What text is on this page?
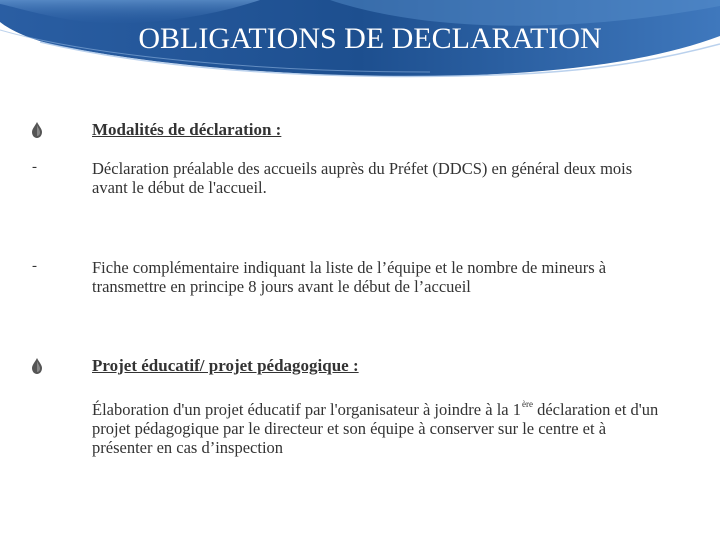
OBLIGATIONS DE DECLARATION
Modalités de déclaration :
-	Déclaration préalable des accueils auprès du Préfet (DDCS) en général deux mois avant le début de l'accueil.
-	Fiche complémentaire indiquant la liste de l’équipe et le nombre de mineurs à transmettre en principe 8 jours avant le début de l’accueil
Projet éducatif/ projet pédagogique :
Élaboration d'un projet éducatif par l'organisateur à joindre à la 1ère déclaration et d'un projet pédagogique par le directeur et son équipe à conserver sur le centre et à présenter en cas d’inspection
